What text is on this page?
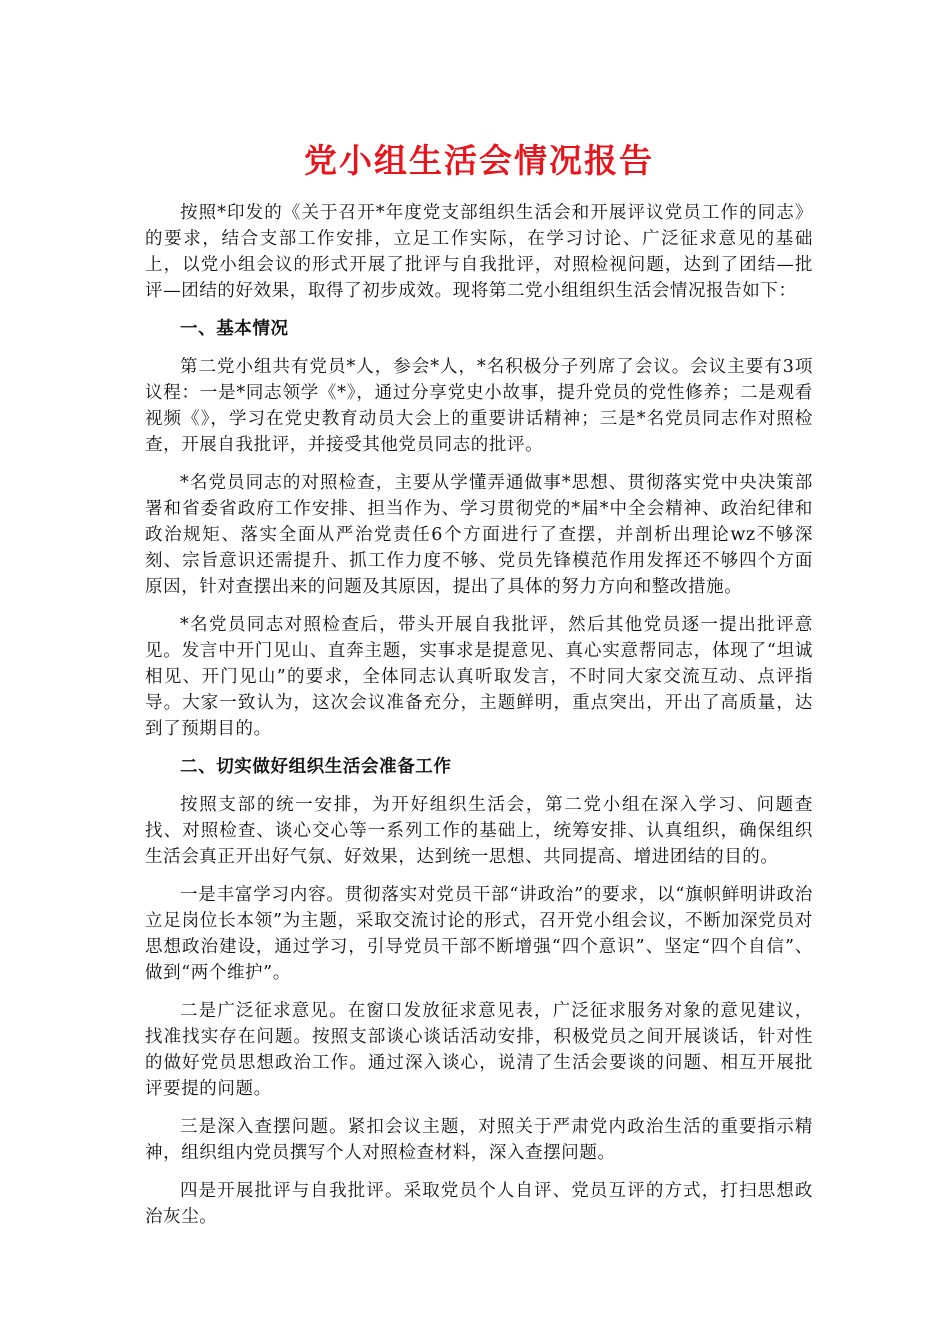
党小组生活会情况报告

按照*印发的《关于召开*年度党支部组织生活会和开展评议党员工作的同志》的要求，结合支部工作安排，立足工作实际，在学习讨论、广泛征求意见的基础上，以党小组会议的形式开展了批评与自我批评，对照检视问题，达到了团结—批评—团结的好效果，取得了初步成效。现将第二党小组组织生活会情况报告如下：

一、基本情况

第二党小组共有党员*人，参会*人，*名积极分子列席了会议。会议主要有3项议程：一是*同志领学《*》，通过分享党史小故事，提升党员的党性修养；二是观看视频《》，学习在党史教育动员大会上的重要讲话精神；三是*名党员同志作对照检查，开展自我批评，并接受其他党员同志的批评。

*名党员同志的对照检查，主要从学懂弄通做事*思想、贯彻落实党中央决策部署和省委省政府工作安排、担当作为、学习贯彻党的*届*中全会精神、政治纪律和政治规矩、落实全面从严治党责任6个方面进行了查摆，并剖析出理论wz不够深刻、宗旨意识还需提升、抓工作力度不够、党员先锋模范作用发挥还不够四个方面原因，针对查摆出来的问题及其原因，提出了具体的努力方向和整改措施。

*名党员同志对照检查后，带头开展自我批评，然后其他党员逐一提出批评意见。发言中开门见山、直奔主题，实事求是提意见、真心实意帮同志，体现了“坦诚相见、开门见山”的要求，全体同志认真听取发言，不时同大家交流互动、点评指导。大家一致认为，这次会议准备充分，主题鲜明，重点突出，开出了高质量，达到了预期目的。

二、切实做好组织生活会准备工作

按照支部的统一安排，为开好组织生活会，第二党小组在深入学习、问题查找、对照检查、谈心交心等一系列工作的基础上，统筹安排、认真组织，确保组织生活会真正开出好气氛、好效果，达到统一思想、共同提高、增进团结的目的。

一是丰富学习内容。贯彻落实对党员干部“讲政治”的要求，以“旗帜鲜明讲政治立足岗位长本领”为主题，采取交流讨论的形式，召开党小组会议，不断加深党员对思想政治建设，通过学习，引导党员干部不断增强“四个意识”、坚定“四个自信”、做到“两个维护”。

二是广泛征求意见。在窗口发放征求意见表，广泛征求服务对象的意见建议，找准找实存在问题。按照支部谈心谈话活动安排，积极党员之间开展谈话，针对性的做好党员思想政治工作。通过深入谈心，说清了生活会要谈的问题、相互开展批评要提的问题。

三是深入查摆问题。紧扣会议主题，对照关于严肃党内政治生活的重要指示精神，组织组内党员撰写个人对照检查材料，深入查摆问题。

四是开展批评与自我批评。采取党员个人自评、党员互评的方式，打扫思想政治灰尘。
